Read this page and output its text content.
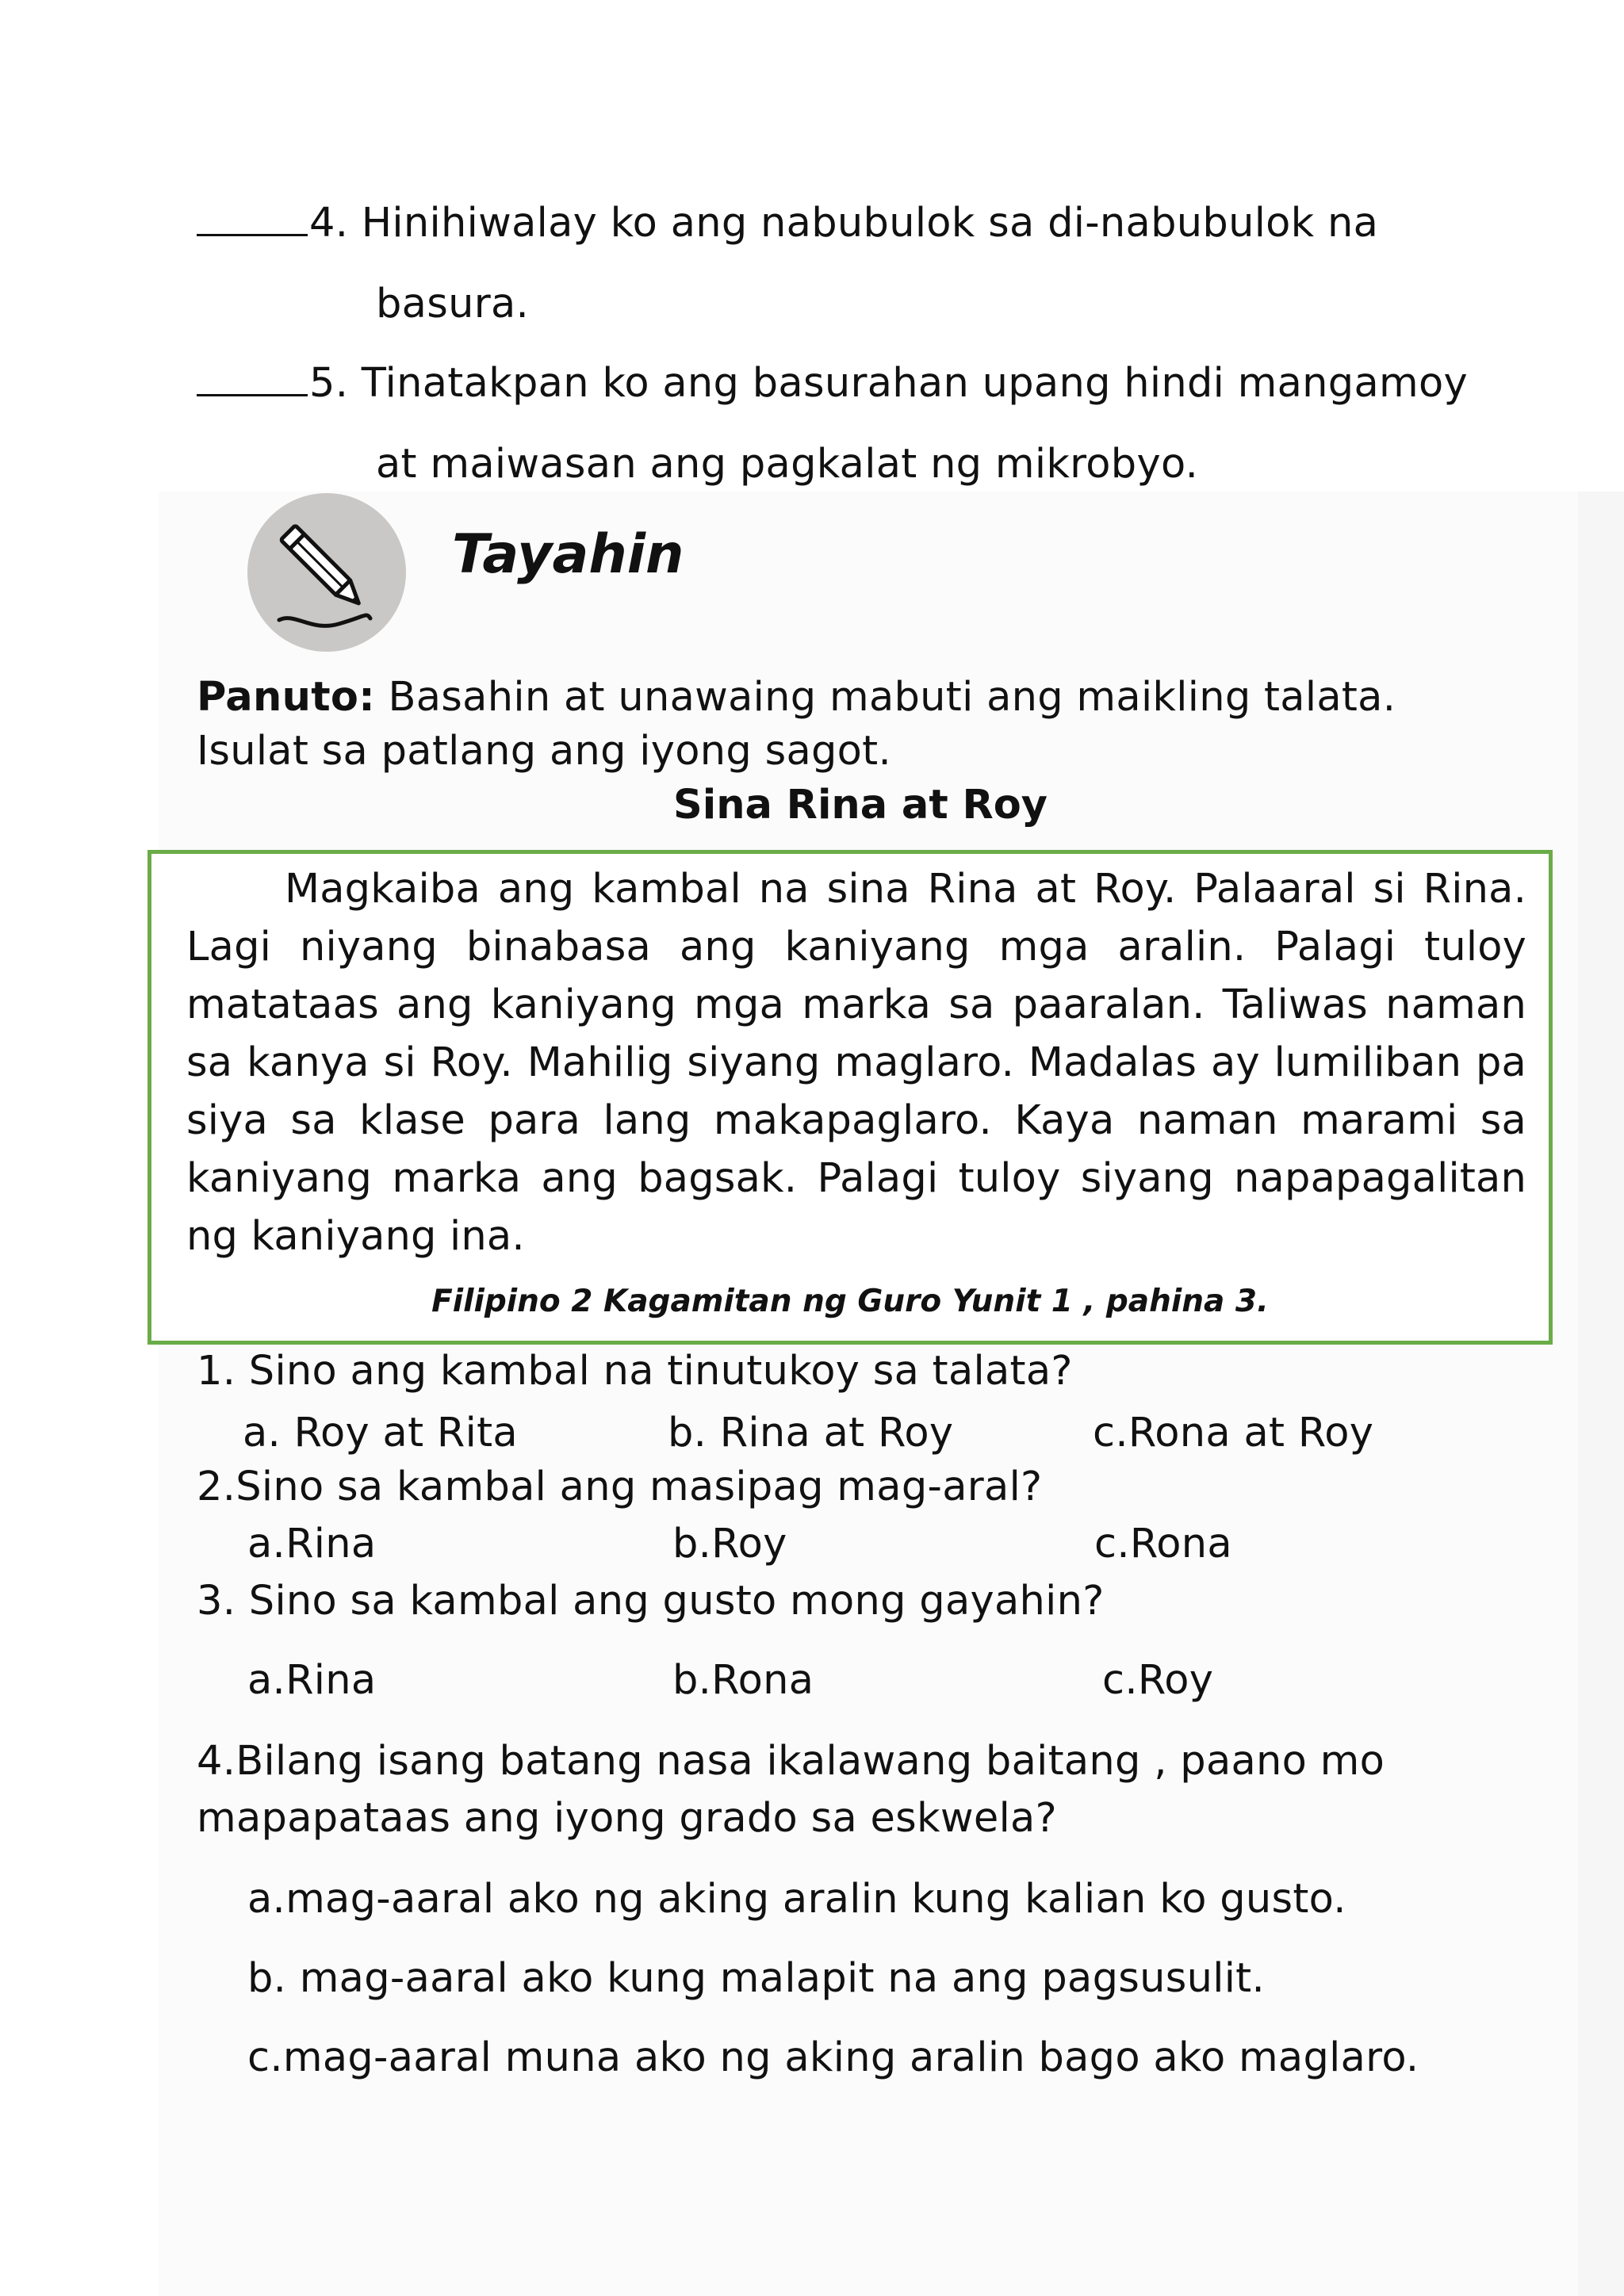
4. Hinihiwalay ko ang nabubulok sa di-nabubulok na
basura.
5. Tinatakpan ko ang basurahan upang hindi mangamoy
at maiwasan ang pagkalat ng mikrobyo.
Tayahin
Panuto: Basahin at unawaing mabuti ang maikling talata.
Isulat sa patlang ang iyong sagot.
Sina Rina at Roy
Magkaiba ang kambal na sina Rina at Roy. Palaaral si Rina. Lagi niyang binabasa ang kaniyang mga aralin. Palagi tuloy matataas ang kaniyang mga marka sa paaralan. Taliwas naman sa kanya si Roy. Mahilig siyang maglaro. Madalas ay lumiliban pa siya sa klase para lang makapaglaro. Kaya naman marami sa kaniyang marka ang bagsak. Palagi tuloy siyang napapagalitan ng kaniyang ina.
Filipino 2 Kagamitan ng Guro Yunit 1 , pahina 3.
1. Sino ang kambal na tinutukoy sa talata?
a. Roy at Rita	b. Rina at Roy	c.Rona at Roy
2.Sino sa kambal ang masipag mag-aral?
a.Rina	b.Roy	c.Rona
3. Sino sa kambal ang gusto mong gayahin?
a.Rina	b.Rona	c.Roy
4.Bilang isang batang nasa ikalawang baitang , paano mo
mapapataas ang iyong grado sa eskwela?
a.mag-aaral ako ng aking aralin kung kalian ko gusto.
b. mag-aaral ako kung malapit na ang pagsusulit.
c.mag-aaral muna ako ng aking aralin bago ako maglaro.
